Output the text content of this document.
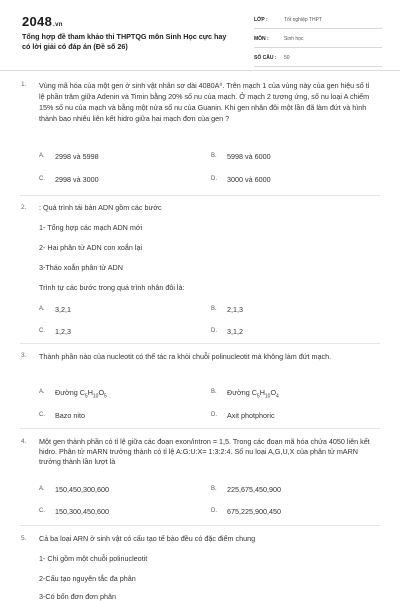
2048.vn
Tổng hợp đề tham khảo thi THPTQG môn Sinh Học cực hay có lời giải có đáp án (Đề số 26)
LỚP :	Tốt nghiệp THPT
MÔN :	Sinh học
SỐ CÂU : 50
1. Vùng mã hóa của một gen ở sinh vật nhân sơ dài 4080A⁰. Trên mạch 1 của vùng này của gen hiệu số tỉ lệ phần trăm giữa Adenin và Timin bằng 20% số nu của mạch. Ở mạch 2 tương ứng, số nu loại A chiếm 15% số nu của mạch và bằng một nửa số nu của Guanin. Khi gen nhân đôi một lần đã làm đứt và hình thành bao nhiêu liên kết hidro giữa hai mạch đơn của gen ?
A. 2998 và 5998	B. 5998 và 6000
C. 2998 và 3000	D. 3000 và 6000
2. : Quá trình tái bản ADN gồm các bước
1- Tổng hợp các mạch ADN mới
2- Hai phân tử ADN con xoắn lại
3-Tháo xoắn phân tử ADN
Trình tự các bước trong quá trình nhân đôi là:
A. 3,2,1	B. 2,1,3
C. 1,2,3	D. 3,1,2
3. Thành phần nào của nucleotit có thể tác ra khỏi chuỗi polinucleotit mà không làm đứt mạch.
A. Đường $C_5H_{10}O_5$
B. Đường $C_5H_{10}O_4$
C. Bazo nito	D. Axit photphoric
4. Một gen thành phần có tỉ lệ giữa các đoạn exon/intron = 1,5. Trong các đoạn mã hóa chứa 4050 liên kết hidro. Phân tử mARN trưởng thành có tỉ lệ A:G:U:X= 1:3:2:4. Số nu loại A,G,U,X của phân tử mARN trưởng thành lần lượt là
A. 150,450,300,600	B. 225,675,450,900
C. 150,300,450,600	D. 675,225,900,450
5. Cả ba loại ARN ở sinh vật có cấu tạo tế bào đều có đặc điểm chung
1- Chỉ gồm một chuỗi polinucleotit
2-Cấu tạo nguyên tắc đa phân
3-Có bốn đơn đơn phân
